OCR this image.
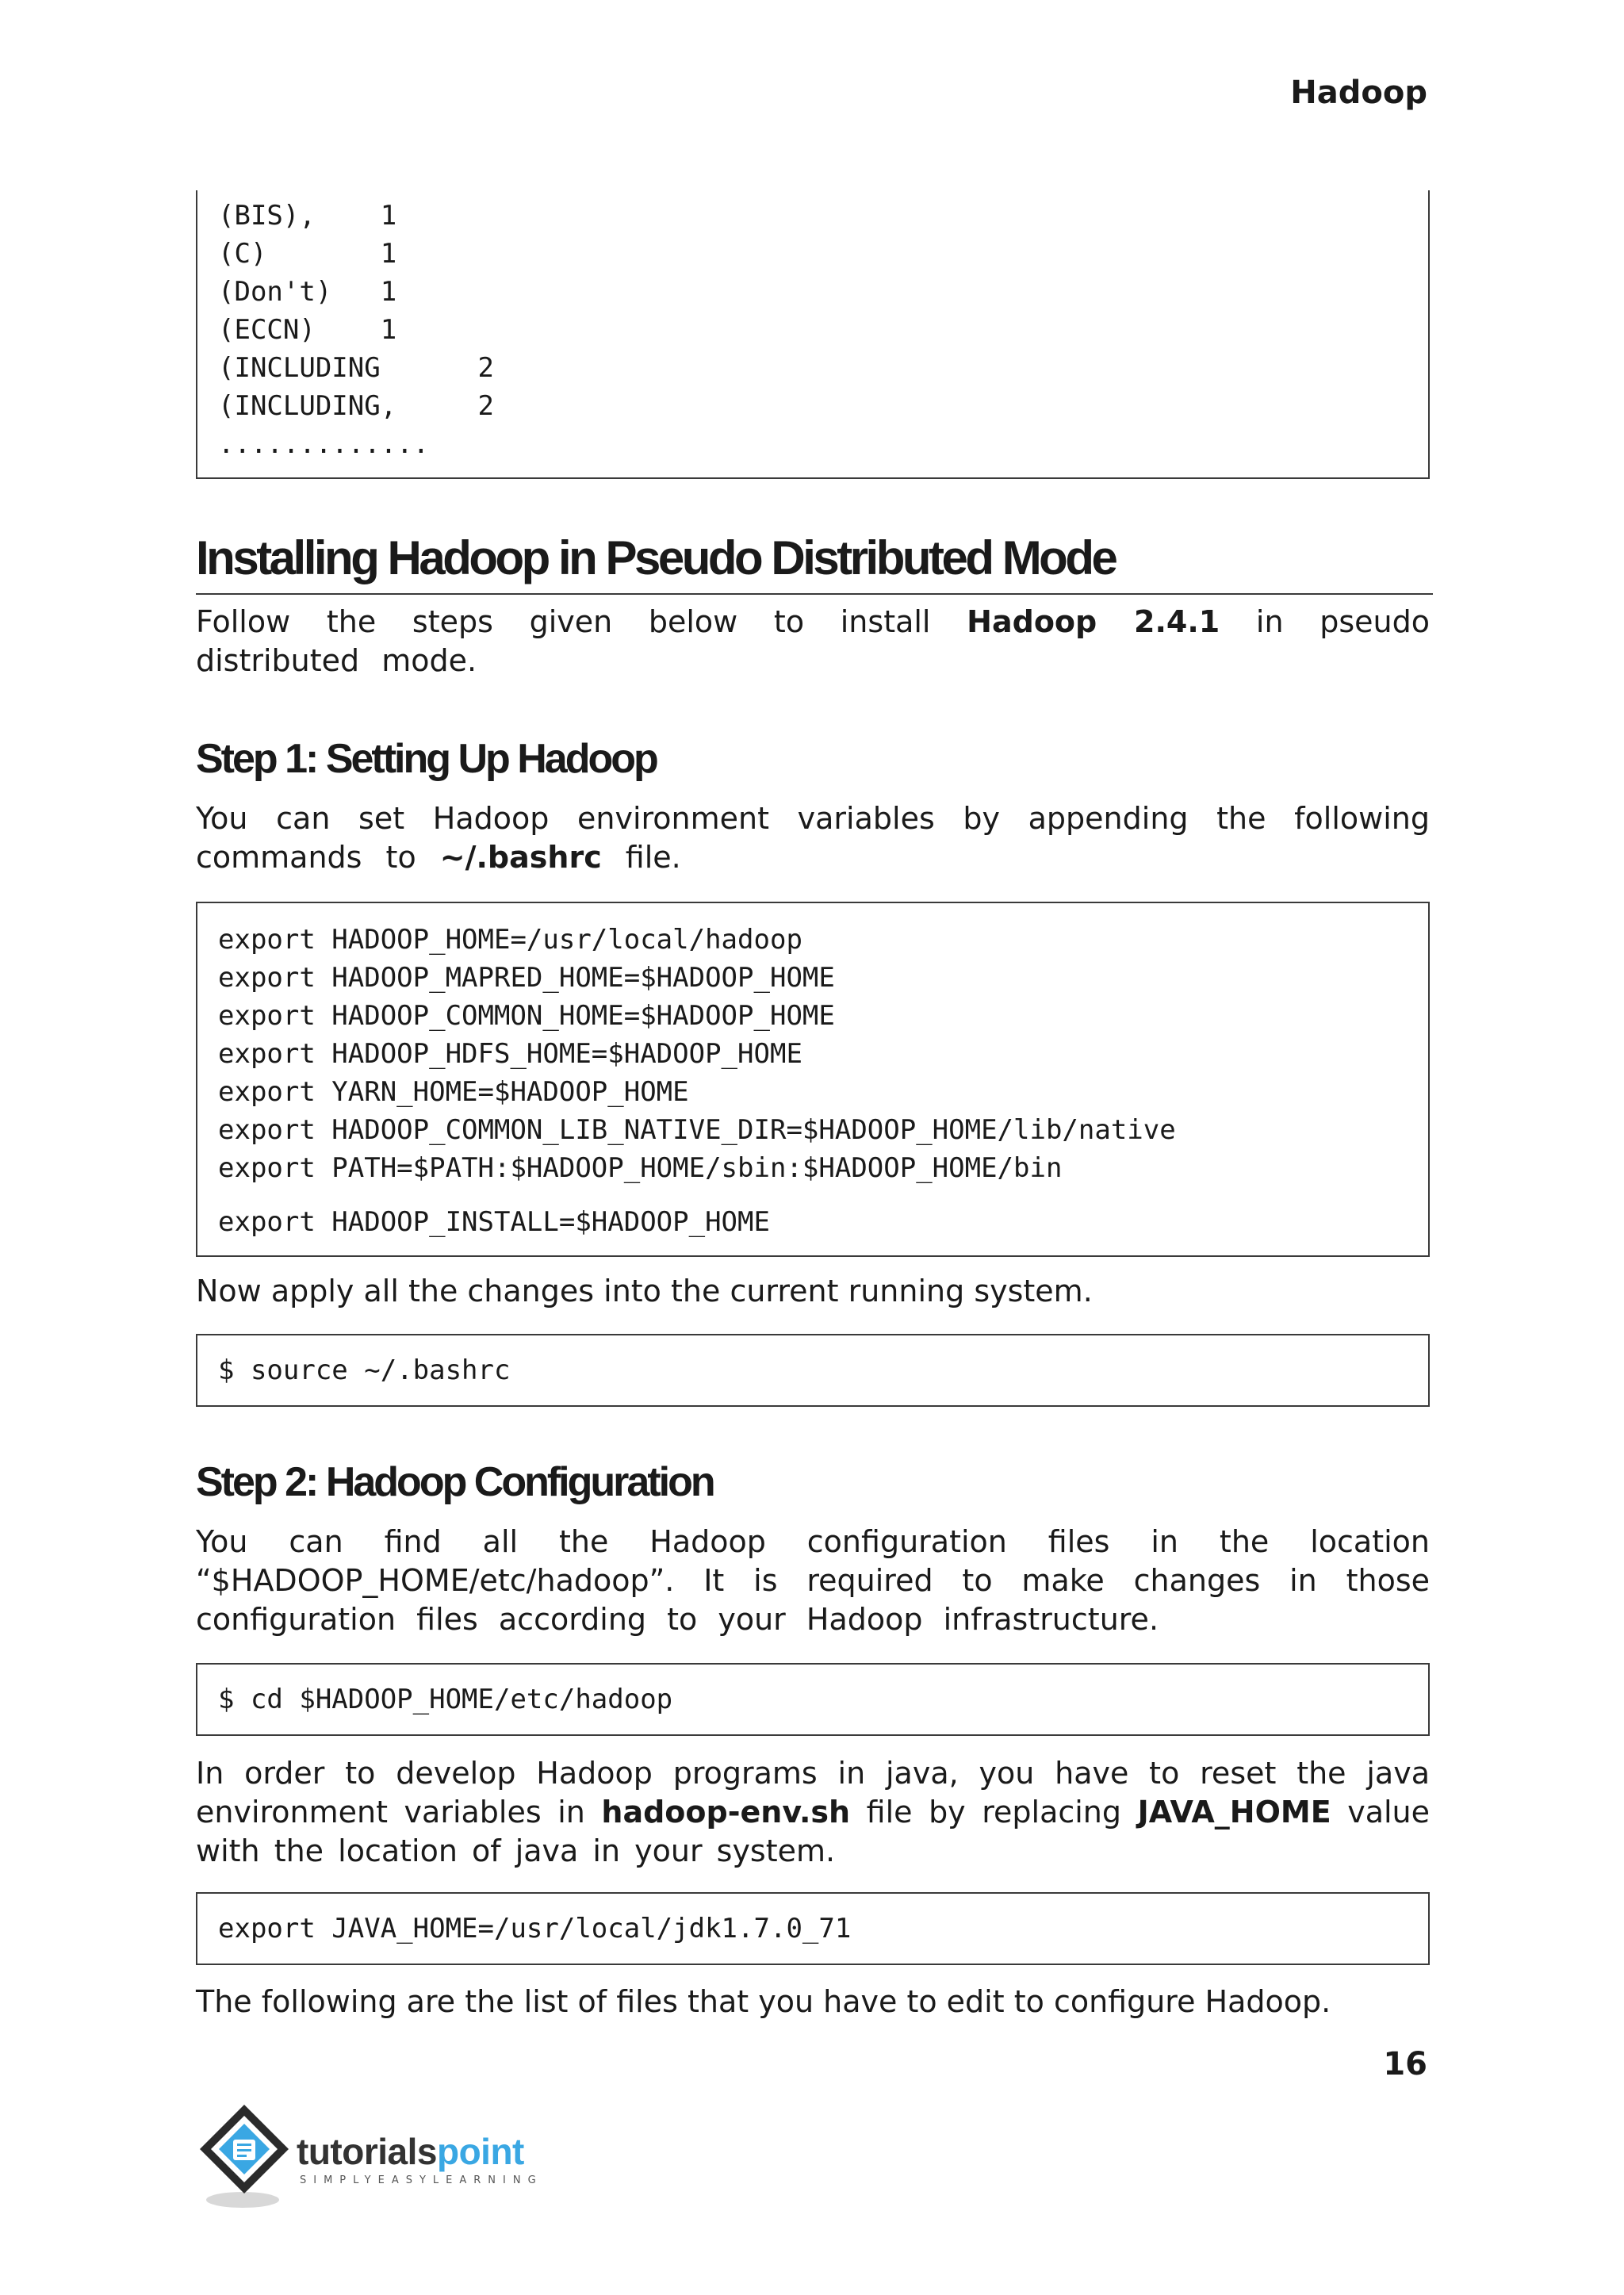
Hadoop
(BIS),    1
(C)       1
(Don't)   1
(ECCN)    1
(INCLUDING      2
(INCLUDING,     2
.............
Installing Hadoop in Pseudo Distributed Mode
Follow the steps given below to install Hadoop 2.4.1 in pseudo distributed mode.
Step 1: Setting Up Hadoop
You can set Hadoop environment variables by appending the following commands to ~/.bashrc file.
export HADOOP_HOME=/usr/local/hadoop
export HADOOP_MAPRED_HOME=$HADOOP_HOME
export HADOOP_COMMON_HOME=$HADOOP_HOME
export HADOOP_HDFS_HOME=$HADOOP_HOME
export YARN_HOME=$HADOOP_HOME
export HADOOP_COMMON_LIB_NATIVE_DIR=$HADOOP_HOME/lib/native
export PATH=$PATH:$HADOOP_HOME/sbin:$HADOOP_HOME/bin
export HADOOP_INSTALL=$HADOOP_HOME
Now apply all the changes into the current running system.
$ source ~/.bashrc
Step 2: Hadoop Configuration
You can find all the Hadoop configuration files in the location “$HADOOP_HOME/etc/hadoop”. It is required to make changes in those configuration files according to your Hadoop infrastructure.
$ cd $HADOOP_HOME/etc/hadoop
In order to develop Hadoop programs in java, you have to reset the java environment variables in hadoop-env.sh file by replacing JAVA_HOME value with the location of java in your system.
export JAVA_HOME=/usr/local/jdk1.7.0_71
The following are the list of files that you have to edit to configure Hadoop.
16
tutorialspoint
SIMPLYEASYLEARNING
